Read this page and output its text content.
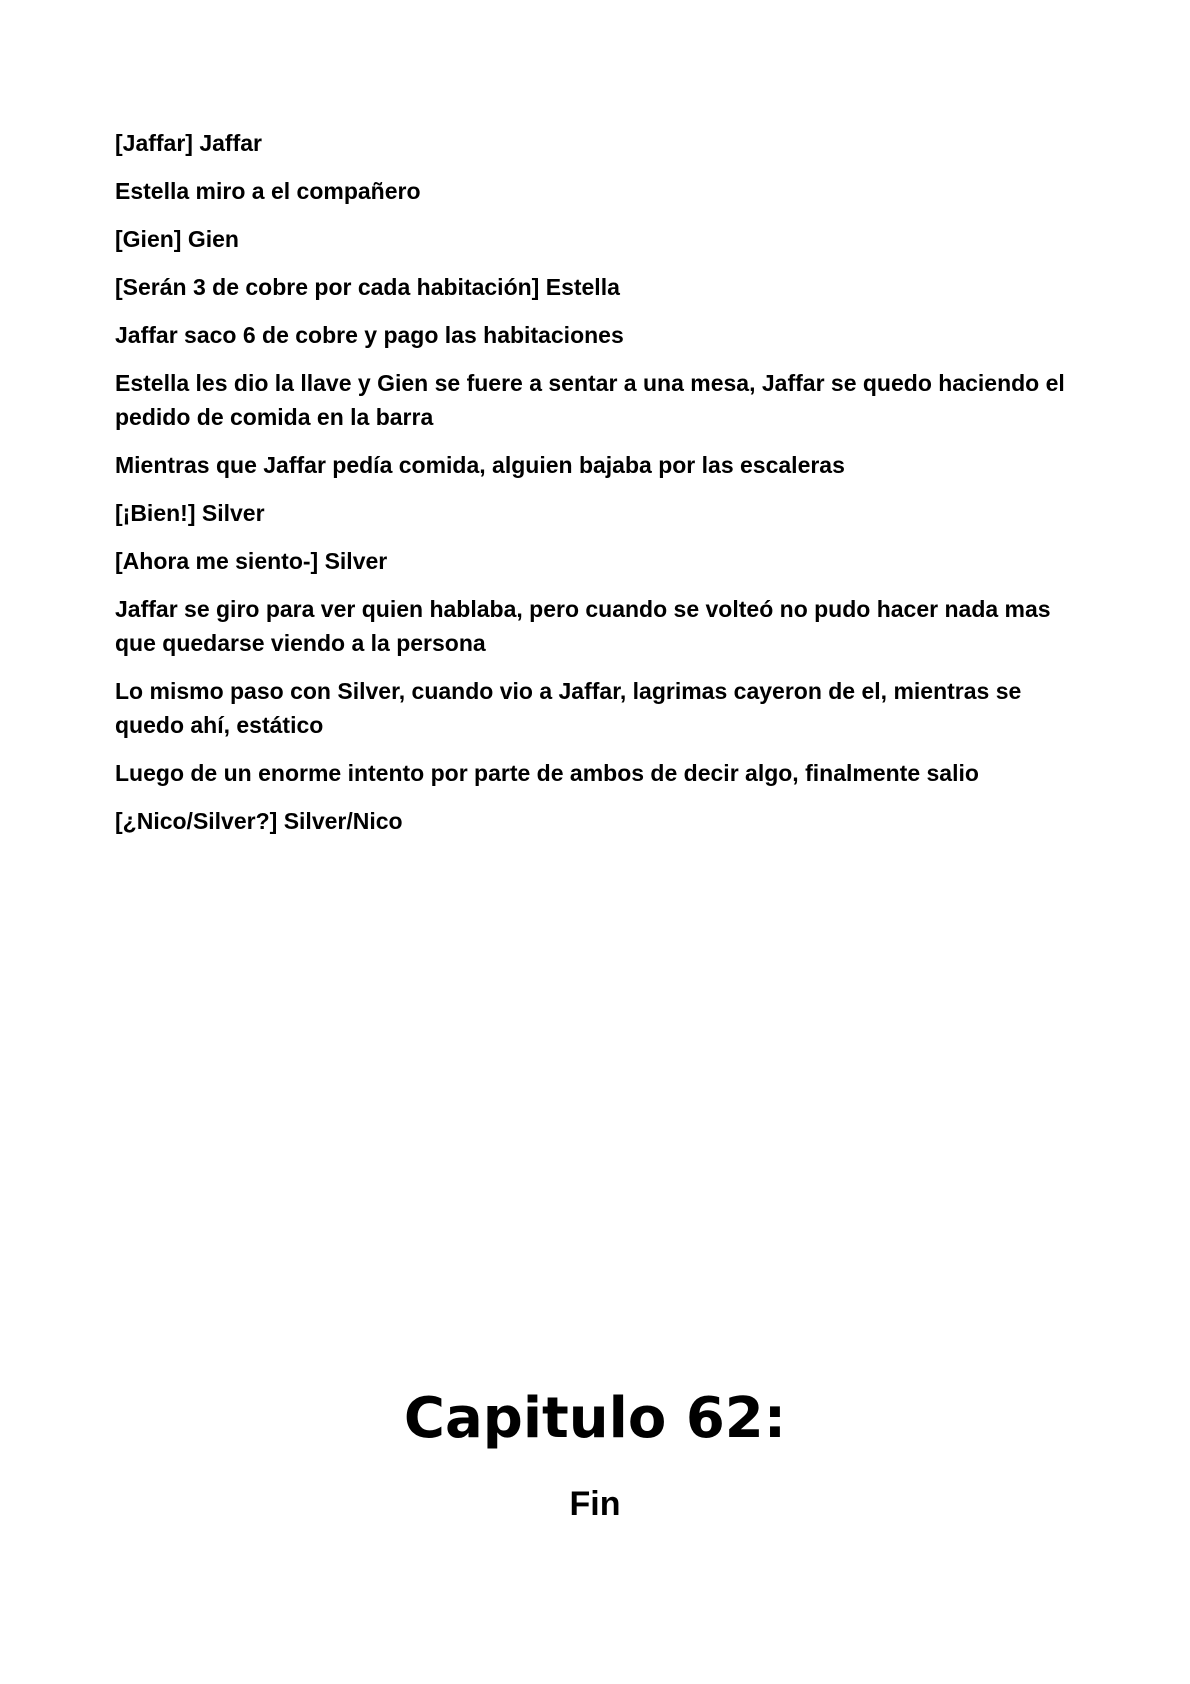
[Jaffar] Jaffar

Estella miro a el compañero

[Gien] Gien

[Serán 3 de cobre por cada habitación] Estella

Jaffar saco 6 de cobre y pago las habitaciones

Estella les dio la llave y Gien se fuere a sentar a una mesa, Jaffar se quedo haciendo el pedido de comida en la barra

Mientras que Jaffar pedía comida, alguien bajaba por las escaleras

[¡Bien!] Silver

[Ahora me siento-] Silver

Jaffar se giro para ver quien hablaba, pero cuando se volteó no pudo hacer nada mas que quedarse viendo a la persona

Lo mismo paso con Silver, cuando vio a Jaffar, lagrimas cayeron de el, mientras se quedo ahí, estático

Luego de un enorme intento por parte de ambos de decir algo, finalmente salio

[¿Nico/Silver?] Silver/Nico

Capitulo 62:
Fin
